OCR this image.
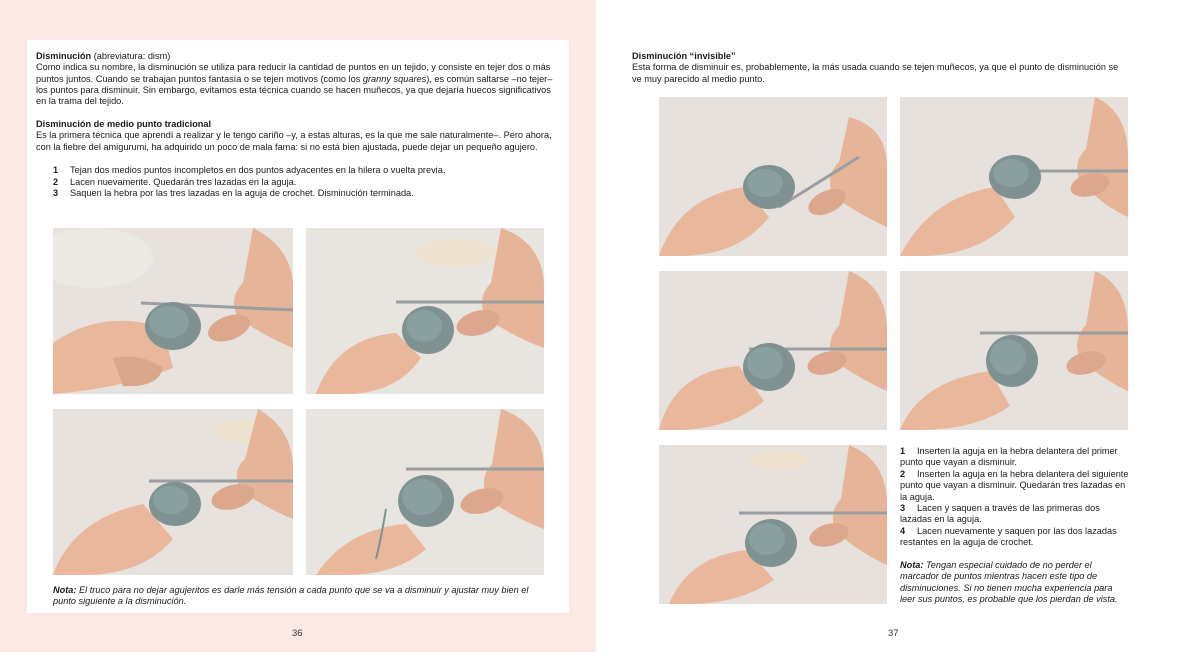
Disminución (abreviatura: dism)
Como indica su nombre, la disminución se utiliza para reducir la cantidad de puntos en un tejido, y consiste en tejer dos o más puntos juntos. Cuando se trabajan puntos fantasía o se tejen motivos (como los granny squares), es común saltarse –no tejer– los puntos para disminuir. Sin embargo, evitamos esta técnica cuando se hacen muñecos, ya que dejaría huecos significativos en la trama del tejido.
Disminución de medio punto tradicional
Es la primera técnica que aprendí a realizar y le tengo cariño –y, a estas alturas, es la que me sale naturalmente–. Pero ahora, con la fiebre del amigurumi, ha adquirido un poco de mala fama: si no está bien ajustada, puede dejar un pequeño agujero.
1 Tejan dos medios puntos incompletos en dos puntos adyacentes en la hilera o vuelta previa.
2 Lacen nuevamente. Quedarán tres lazadas en la aguja.
3 Saquen la hebra por las tres lazadas en la aguja de crochet. Disminución terminada.
Nota: El truco para no dejar agujeritos es darle más tensión a cada punto que se va a disminuir y ajustar muy bien el punto siguiente a la disminución.
36
Disminución “invisible”
Esta forma de disminuir es, probablemente, la más usada cuando se tejen muñecos, ya que el punto de disminución se ve muy parecido al medio punto.
1 Inserten la aguja en la hebra delantera del primer punto que vayan a disminuir.
2 Inserten la aguja en la hebra delantera del siguiente punto que vayan a disminuir. Quedarán tres lazadas en la aguja.
3 Lacen y saquen a través de las primeras dos lazadas en la aguja.
4 Lacen nuevamente y saquen por las dos lazadas restantes en la aguja de crochet.
Nota: Tengan especial cuidado de no perder el marcador de puntos mientras hacen este tipo de disminuciones. Si no tienen mucha experiencia para leer sus puntos, es probable que los pierdan de vista.
37
